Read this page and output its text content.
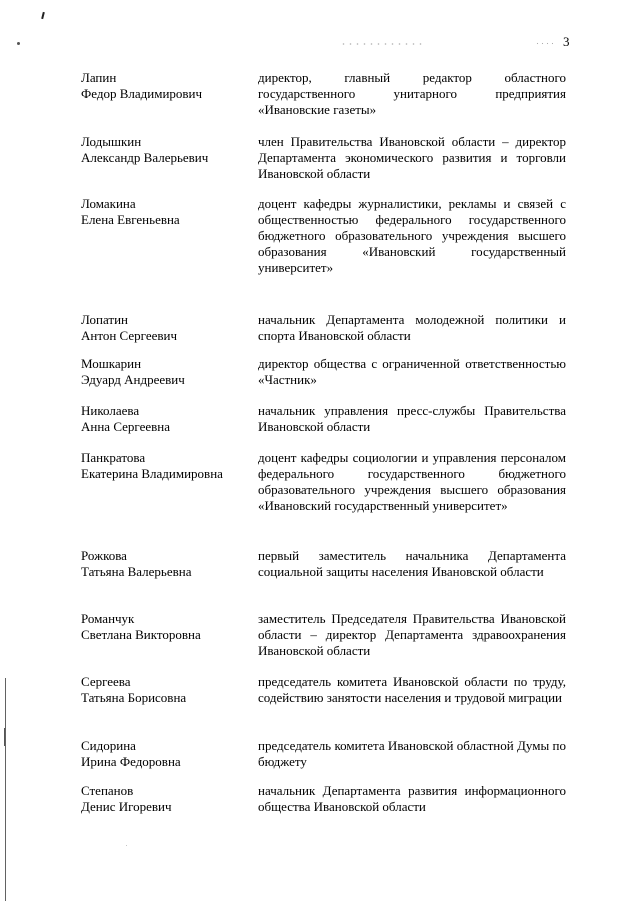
3
Лапин
Федор Владимирович
директор, главный редактор областного государственного унитарного предприятия «Ивановские газеты»
Лодышкин
Александр Валерьевич
член Правительства Ивановской области – директор Департамента экономического развития и торговли Ивановской области
Ломакина
Елена Евгеньевна
доцент кафедры журналистики, рекламы и связей с общественностью федерального государственного бюджетного образовательного учреждения высшего образования «Ивановский государственный университет»
Лопатин
Антон Сергеевич
начальник Департамента молодежной политики и спорта Ивановской области
Мошкарин
Эдуард Андреевич
директор общества с ограниченной ответственностью «Частник»
Николаева
Анна Сергеевна
начальник управления пресс-службы Правительства Ивановской области
Панкратова
Екатерина Владимировна
доцент кафедры социологии и управления персоналом федерального государственного бюджетного образовательного учреждения высшего образования «Ивановский государственный университет»
Рожкова
Татьяна Валерьевна
первый заместитель начальника Департамента социальной защиты населения Ивановской области
Романчук
Светлана Викторовна
заместитель Председателя Правительства Ивановской области – директор Департамента здравоохранения Ивановской области
Сергеева
Татьяна Борисовна
председатель комитета Ивановской области по труду, содействию занятости населения и трудовой миграции
Сидорина
Ирина Федоровна
председатель комитета Ивановской областной Думы по бюджету
Степанов
Денис Игоревич
начальник Департамента развития информационного общества Ивановской области
